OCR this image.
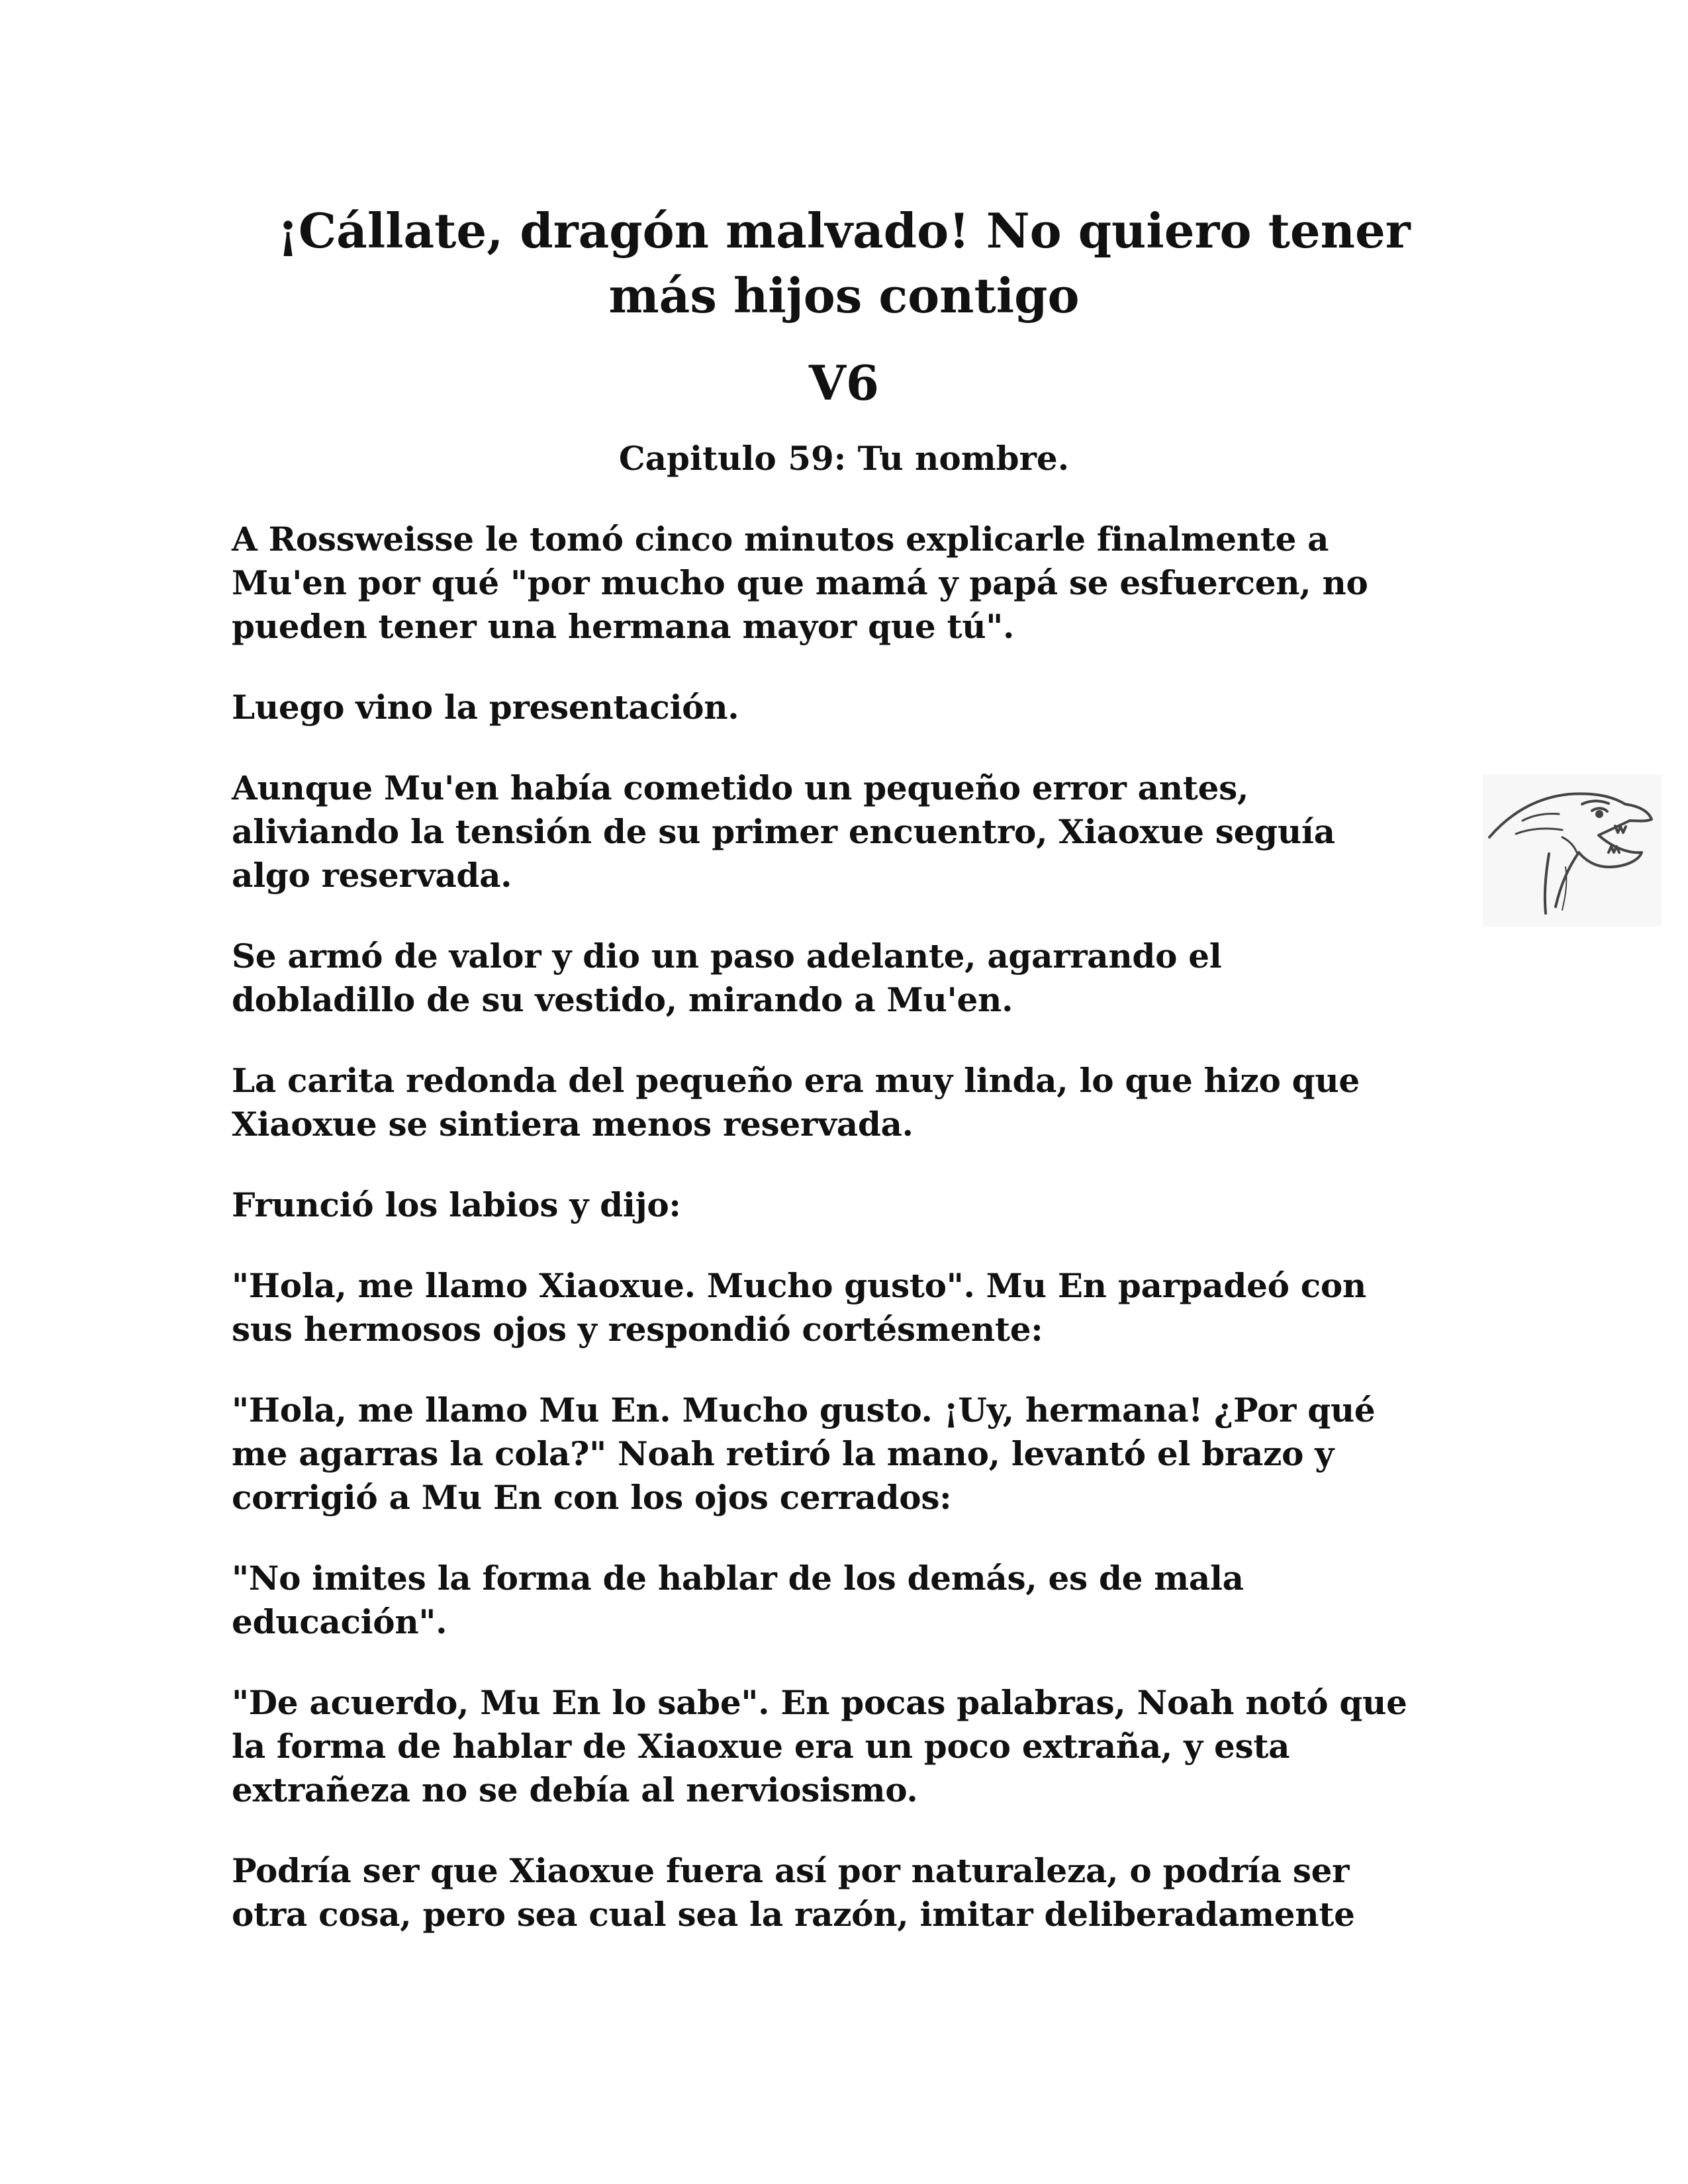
¡Cállate, dragón malvado! No quiero tener
más hijos contigo
V6
Capitulo 59: Tu nombre.

A Rossweisse le tomó cinco minutos explicarle finalmente a
Mu'en por qué "por mucho que mamá y papá se esfuercen, no
pueden tener una hermana mayor que tú".

Luego vino la presentación.

Aunque Mu'en había cometido un pequeño error antes,
aliviando la tensión de su primer encuentro, Xiaoxue seguía
algo reservada.

Se armó de valor y dio un paso adelante, agarrando el
dobladillo de su vestido, mirando a Mu'en.

La carita redonda del pequeño era muy linda, lo que hizo que
Xiaoxue se sintiera menos reservada.

Frunció los labios y dijo:

"Hola, me llamo Xiaoxue. Mucho gusto". Mu En parpadeó con
sus hermosos ojos y respondió cortésmente:

"Hola, me llamo Mu En. Mucho gusto. ¡Uy, hermana! ¿Por qué
me agarras la cola?" Noah retiró la mano, levantó el brazo y
corrigió a Mu En con los ojos cerrados:

"No imites la forma de hablar de los demás, es de mala
educación".

"De acuerdo, Mu En lo sabe". En pocas palabras, Noah notó que
la forma de hablar de Xiaoxue era un poco extraña, y esta
extrañeza no se debía al nerviosismo.

Podría ser que Xiaoxue fuera así por naturaleza, o podría ser
otra cosa, pero sea cual sea la razón, imitar deliberadamente
